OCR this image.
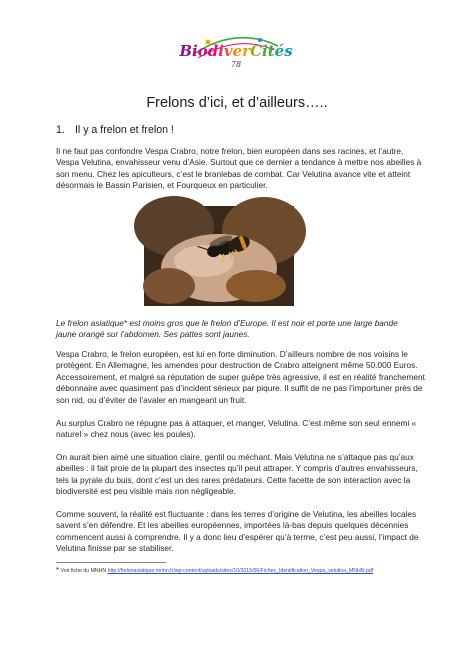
BiodiverCités
78
Frelons d’ici, et d’ailleurs…..
1. Il y a frelon et frelon !

Il ne faut pas confondre Vespa Crabro, notre frelon, bien européen dans ses racines, et l’autre, Vespa Velutina, envahisseur venu d’Asie. Surtout que ce dernier a tendance à mettre nos abeilles à son menu. Chez les apiculteurs, c’est le branlebas de combat. Car Velutina avance vite et atteint désormais le Bassin Parisien, et Fourqueux en particulier.

Le frelon asiatique* est moins gros que le frelon d’Europe. Il est noir et porte une large bande jaune orangé sur l’abdomen. Ses pattes sont jaunes.

Vespa Crabro, le frelon européen, est lui en forte diminution. D’ailleurs nombre de nos voisins le protègent. En Allemagne, les amendes pour destruction de Crabro atteignent même 50.000 Euros. Accessoirement, et malgré sa réputation de super guêpe très agressive, il est en réalité franchement débonnaire avec quasiment pas d’incident sérieux par piqure. Il suffit de ne pas l’importuner près de son nid, ou d’éviter de l’avaler en mangeant un fruit.

Au surplus Crabro ne répugne pas à attaquer, et manger, Velutina. C’est même son seul ennemi « naturel » chez nous (avec les poules).

On aurait bien aimé une situation claire, gentil ou méchant. Mais Velutina ne s’attaque pas qu’aux abeilles : il fait proie de la plupart des insectes qu’il peut attraper. Y compris d’autres envahisseurs, tels la pyrale du buis, dont c’est un des rares prédateurs. Cette facette de son interaction avec la biodiversité est peu visible mais non négligeable.

Comme souvent, la réalité est fluctuante : dans les terres d’origine de Velutina, les abeilles locales savent s’en défendre. Et les abeilles européennes, importées là-bas depuis quelques décennies commencent aussi à comprendre. Il y a donc lieu d’espérer qu’à terme, c’est peu aussi, l’impact de Velutina finisse par se stabiliser.

* Voir fiche du MNHN http://frelonasiatique.mnhn.fr/wp-content/uploads/sites/10/2015/06/Fiches_Identification_Vespa_velutina_MNHN.pdf
